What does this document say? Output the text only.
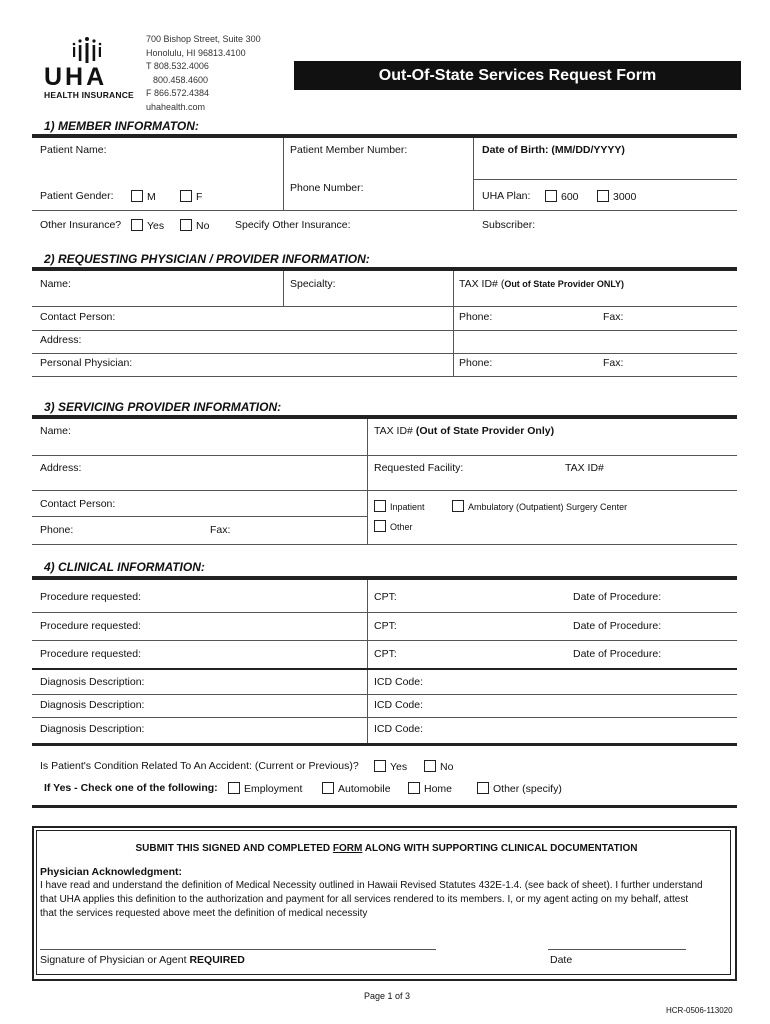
UHA
HEALTH INSURANCE
700 Bishop Street, Suite 300
Honolulu, HI 96813.4100
T 808.532.4006
800.458.4600
F 866.572.4384
uhahealth.com
Out-Of-State Services Request Form
1) MEMBER INFORMATON:
Patient Name:	Patient Member Number:	Date of Birth: (MM/DD/YYYY)
Patient Gender:	M	F
Phone Number:
UHA Plan:	600	3000
Other Insurance?	Yes	No Specify Other Insurance:	Subscriber:
2) REQUESTING PHYSICIAN / PROVIDER INFORMATION:
Name:	Specialty:	TAX ID# (Out of State Provider ONLY)
Contact Person:	Phone:	Fax:
Address:
Personal Physician:	Phone:	Fax:
3) SERVICING PROVIDER INFORMATION:
Name:	TAX ID# (Out of State Provider Only)
Address:	Requested Facility:	TAX ID#
Contact Person:	Inpatient	Ambulatory (Outpatient) Surgery Center
Phone:	Fax:	Other
4) CLINICAL INFORMATION:
Procedure requested:	CPT:	Date of Procedure:
Procedure requested:	CPT:	Date of Procedure:
Procedure requested:	CPT:	Date of Procedure:
Diagnosis Description:	ICD Code:
Diagnosis Description:	ICD Code:
Diagnosis Description:	ICD Code:
Is Patient's Condition Related To An Accident: (Current or Previous)?	Yes	No
If Yes - Check one of the following:	Employment	Automobile	Home	Other (specify)
SUBMIT THIS SIGNED AND COMPLETED FORM ALONG WITH SUPPORTING CLINICAL DOCUMENTATION
Physician Acknowledgment:
I have read and understand the definition of Medical Necessity outlined in Hawaii Revised Statutes 432E-1.4. (see back of sheet). I further understand
that UHA applies this definition to the authorization and payment for all services rendered to its members. I, or my agent acting on my behalf, attest
that the services requested above meet the definition of medical necessity
Signature of Physician or Agent REQUIRED	Date
Page 1 of 3
HCR-0506-113020
